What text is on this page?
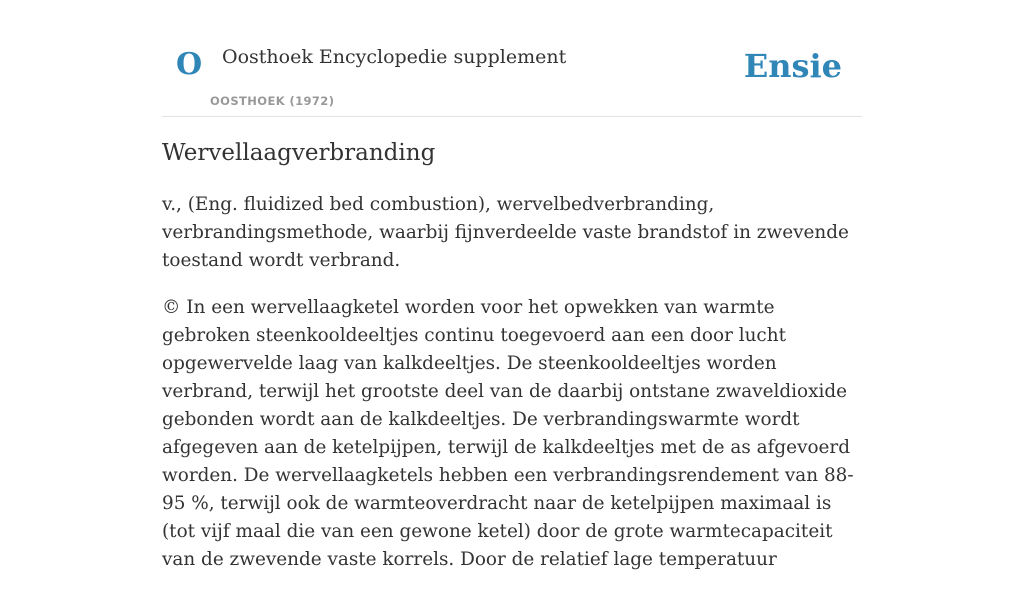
O Oosthoek Encyclopedie supplement
OOSTHOEK (1972)
Ensie
Wervellaagverbranding

v., (Eng. fluidized bed combustion), wervelbedverbranding, verbrandingsmethode, waarbij fijnverdeelde vaste brandstof in zwevende toestand wordt verbrand.

© In een wervellaagketel worden voor het opwekken van warmte gebroken steenkooldeeltjes continu toegevoerd aan een door lucht opgewervelde laag van kalkdeeltjes. De steenkooldeeltjes worden verbrand, terwijl het grootste deel van de daarbij ontstane zwaveldioxide gebonden wordt aan de kalkdeeltjes. De verbrandingswarmte wordt afgegeven aan de ketelpijpen, terwijl de kalkdeeltjes met de as afgevoerd worden. De wervellaagketels hebben een verbrandingsrendement van 88-95 %, terwijl ook de warmteoverdracht naar de ketelpijpen maximaal is (tot vijf maal die van een gewone ketel) door de grote warmtecapaciteit van de zwevende vaste korrels. Door de relatief lage temperatuur
